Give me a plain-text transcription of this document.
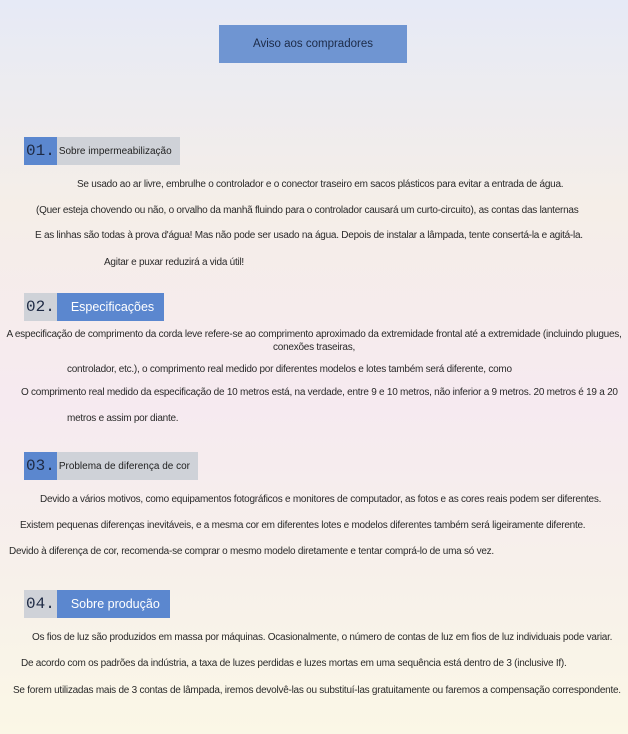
Aviso aos compradores
01. Sobre impermeabilização
Se usado ao ar livre, embrulhe o controlador e o conector traseiro em sacos plásticos para evitar a entrada de água.
(Quer esteja chovendo ou não, o orvalho da manhã fluindo para o controlador causará um curto-circuito), as contas das lanternas
E as linhas são todas à prova d'água! Mas não pode ser usado na água. Depois de instalar a lâmpada, tente consertá-la e agitá-la.
Agitar e puxar reduzirá a vida útil!
02.	Especificações
A especificação de comprimento da corda leve refere-se ao comprimento aproximado da extremidade frontal até a extremidade (incluindo plugues, conexões traseiras,
controlador, etc.), o comprimento real medido por diferentes modelos e lotes também será diferente, como
O comprimento real medido da especificação de 10 metros está, na verdade, entre 9 e 10 metros, não inferior a 9 metros. 20 metros é 19 a 20
metros e assim por diante.
03. Problema de diferença de cor
Devido a vários motivos, como equipamentos fotográficos e monitores de computador, as fotos e as cores reais podem ser diferentes.
Existem pequenas diferenças inevitáveis, e a mesma cor em diferentes lotes e modelos diferentes também será ligeiramente diferente.
Devido à diferença de cor, recomenda-se comprar o mesmo modelo diretamente e tentar comprá-lo de uma só vez.
04.	Sobre produção
Os fios de luz são produzidos em massa por máquinas. Ocasionalmente, o número de contas de luz em fios de luz individuais pode variar.
De acordo com os padrões da indústria, a taxa de luzes perdidas e luzes mortas em uma sequência está dentro de 3 (inclusive If).
Se forem utilizadas mais de 3 contas de lâmpada, iremos devolvê-las ou substituí-las gratuitamente ou faremos a compensação correspondente.
